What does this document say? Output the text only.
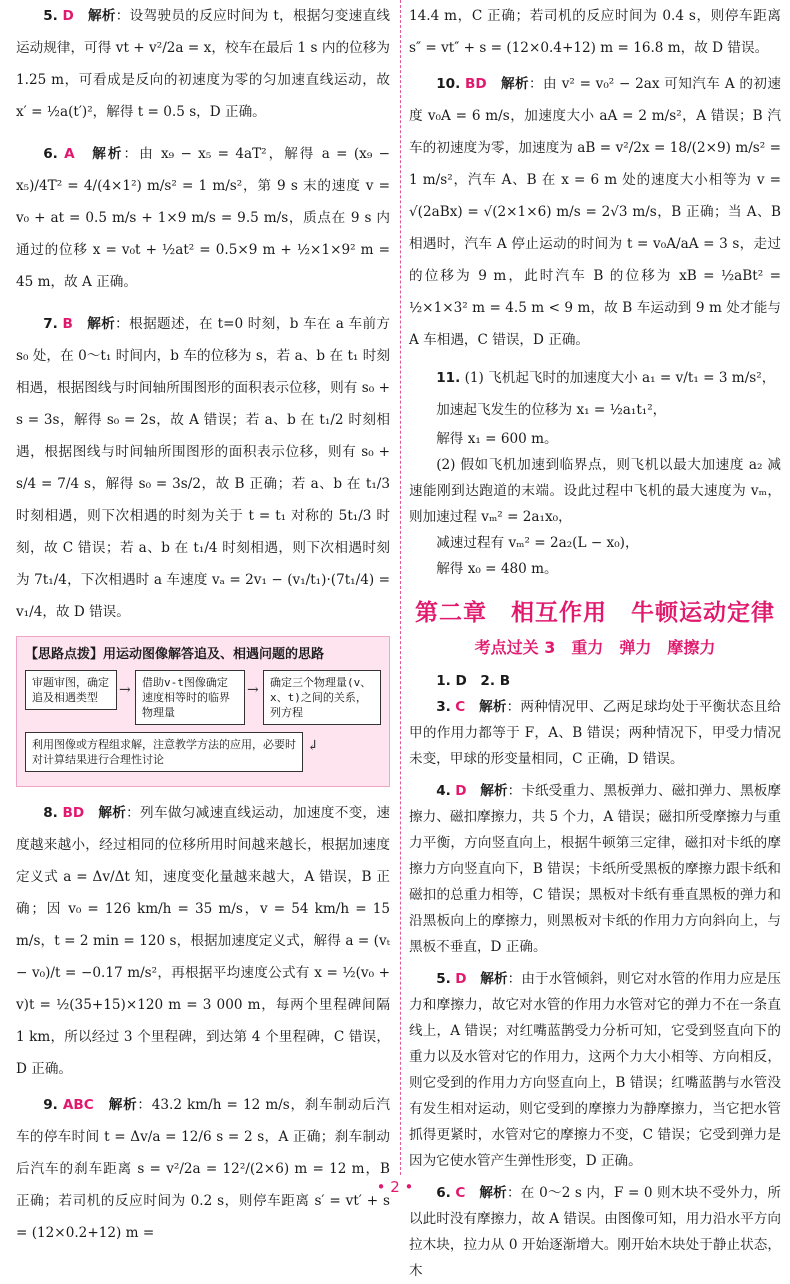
5. D　 解析：设驾驶员的反应时间为 t，根据匀变速直线运动规律，可得 vt + v²/2a = x，校车在最后 1 s 内的位移为 1.25 m，可看成是反向的初速度为零的匀加速直线运动，故 x′ = ½a(t′)²，解得 t = 0.5 s，D 正确。

6. A　 解析：由 x₉ − x₅ = 4aT²，解得 a = (x₉ − x₅)/4T² = 4/(4×1²) m/s² = 1 m/s²，第 9 s 末的速度 v = v₀ + at = 0.5 m/s + 1×9 m/s = 9.5 m/s，质点在 9 s 内通过的位移 x = v₀t + ½at² = 0.5×9 m + ½×1×9² m = 45 m，故 A 正确。

7. B　 解析：根据题述，在 t=0 时刻，b 车在 a 车前方 s₀ 处，在 0～t₁ 时间内，b 车的位移为 s，若 a、b 在 t₁ 时刻相遇，根据图线与时间轴所围图形的面积表示位移，则有 s₀ + s = 3s，解得 s₀ = 2s，故 A 错误；若 a、b 在 t₁/2 时刻相遇，根据图线与时间轴所围图形的面积表示位移，则有 s₀ + s/4 = 7/4 s，解得 s₀ = 3s/2，故 B 正确；若 a、b 在 t₁/3 时刻相遇，则下次相遇的时刻为关于 t = t₁ 对称的 5t₁/3 时刻，故 C 错误；若 a、b 在 t₁/4 时刻相遇，则下次相遇时刻为 7t₁/4，下次相遇时 a 车速度 vₐ = 2v₁ − (v₁/t₁)·(7t₁/4) = v₁/4，故 D 错误。

【思路点拨】用运动图像解答追及、相遇问题的思路
审题审图，确定追及相遇类型	→	借助v-t图像确定速度相等时的临界物理量
→	确定三个物理量(v、x、t)之间的关系，列方程
利用图像或方程组求解，注意教学方法的应用，必要时对计算结果进行合理性讨论
↲

8. BD　 解析：列车做匀减速直线运动，加速度不变，速度越来越小，经过相同的位移所用时间越来越长，根据加速度定义式 a = Δv/Δt 知，速度变化量越来越大，A 错误，B 正确；因 v₀ = 126 km/h = 35 m/s，v = 54 km/h = 15 m/s，t = 2 min = 120 s，根据加速度定义式，解得 a = (vₜ − v₀)/t = −0.17 m/s²，再根据平均速度公式有 x = ½(v₀ + v)t = ½(35+15)×120 m = 3 000 m，每两个里程碑间隔 1 km，所以经过 3 个里程碑，到达第 4 个里程碑，C 错误，D 正确。

9. ABC　 解析：43.2 km/h = 12 m/s，刹车制动后汽车的停车时间 t = Δv/a = 12/6 s = 2 s，A 正确；刹车制动后汽车的刹车距离 s = v²/2a = 12²/(2×6) m = 12 m，B 正确；若司机的反应时间为 0.2 s，则停车距离 s′ = vt′ + s = (12×0.2+12) m =

14.4 m，C 正确；若司机的反应时间为 0.4 s，则停车距离 s″ = vt″ + s = (12×0.4+12) m = 16.8 m，故 D 错误。

10. BD　 解析：由 v² = v₀² − 2ax 可知汽车 A 的初速度 v₀A = 6 m/s，加速度大小 aA = 2 m/s²，A 错误；B 汽车的初速度为零，加速度为 aB = v²/2x = 18/(2×9) m/s² = 1 m/s²，汽车 A、B 在 x = 6 m 处的速度大小相等为 v = √(2aBx) = √(2×1×6) m/s = 2√3 m/s，B 正确；当 A、B 相遇时，汽车 A 停止运动的时间为 t = v₀A/aA = 3 s，走过的位移为 9 m，此时汽车 B 的位移为 xB = ½aBt² = ½×1×3² m = 4.5 m < 9 m，故 B 车运动到 9 m 处才能与 A 车相遇，C 错误，D 正确。

11. (1) 飞机起飞时的加速度大小 a₁ = v/t₁ = 3 m/s²，

加速起飞发生的位移为 x₁ = ½a₁t₁²，

解得 x₁ = 600 m。

(2) 假如飞机加速到临界点，则飞机以最大加速度 a₂ 减速能刚到达跑道的末端。设此过程中飞机的最大速度为 vₘ，则加速过程 vₘ² = 2a₁x₀，

减速过程有 vₘ² = 2a₂(L − x₀)，

解得 x₀ = 480 m。

第二章　相互作用　牛顿运动定律
考点过关 3　重力　弹力　摩擦力

1. D　2. B

3. C　 解析：两种情况甲、乙两足球均处于平衡状态且给甲的作用力都等于 F，A、B 错误；两种情况下，甲受力情况未变，甲球的形变量相同，C 正确，D 错误。

4. D　 解析：卡纸受重力、黑板弹力、磁扣弹力、黑板摩擦力、磁扣摩擦力，共 5 个力，A 错误；磁扣所受摩擦力与重力平衡，方向竖直向上，根据牛顿第三定律，磁扣对卡纸的摩擦力方向竖直向下，B 错误；卡纸所受黑板的摩擦力跟卡纸和磁扣的总重力相等，C 错误；黑板对卡纸有垂直黑板的弹力和沿黑板向上的摩擦力，则黑板对卡纸的作用力方向斜向上，与黑板不垂直，D 正确。

5. D　 解析：由于水管倾斜，则它对水管的作用力应是压力和摩擦力，故它对水管的作用力水管对它的弹力不在一条直线上，A 错误；对红嘴蓝鹊受力分析可知，它受到竖直向下的重力以及水管对它的作用力，这两个力大小相等、方向相反，则它受到的作用力方向竖直向上，B 错误；红嘴蓝鹊与水管没有发生相对运动，则它受到的摩擦力为静摩擦力，当它把水管抓得更紧时，水管对它的摩擦力不变，C 错误；它受到弹力是因为它使水管产生弹性形变，D 正确。

6. C　 解析：在 0～2 s 内，F = 0 则木块不受外力，所以此时没有摩擦力，故 A 错误。由图像可知，用力沿水平方向拉木块，拉力从 0 开始逐渐增大。刚开始木块处于静止状态，木

• 2 •
